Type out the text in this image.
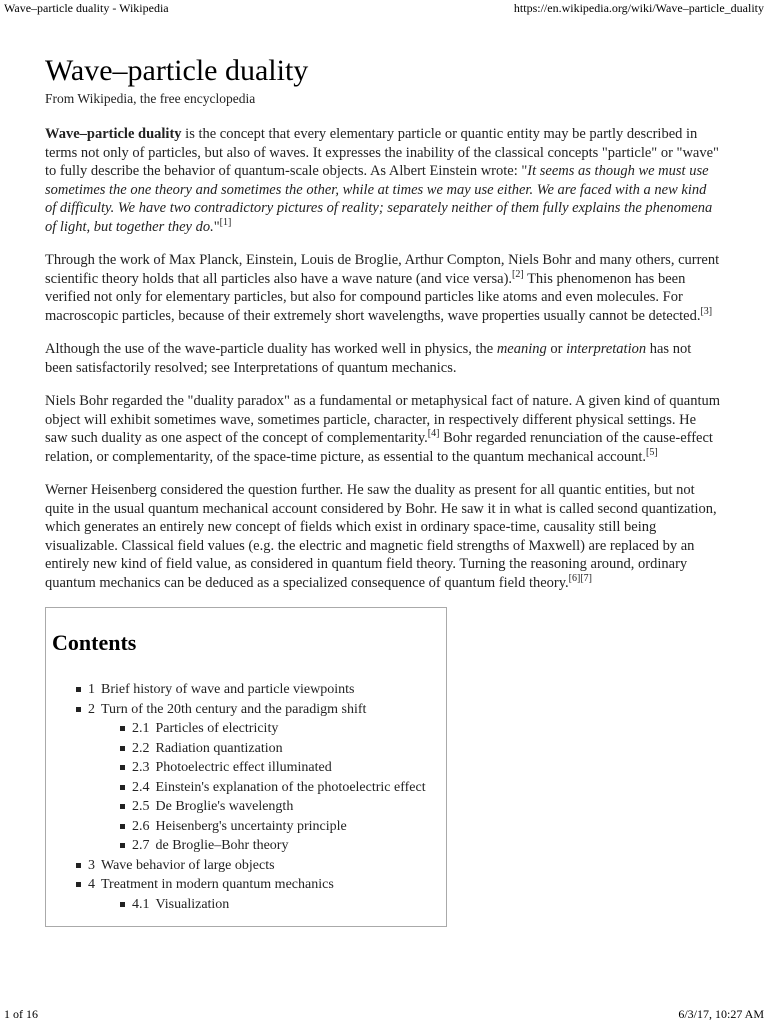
Wave–particle duality - Wikipedia	https://en.wikipedia.org/wiki/Wave–particle_duality
Wave–particle duality
From Wikipedia, the free encyclopedia

Wave–particle duality is the concept that every elementary particle or quantic entity may be partly described in terms not only of particles, but also of waves. It expresses the inability of the classical concepts "particle" or "wave" to fully describe the behavior of quantum-scale objects. As Albert Einstein wrote: "It seems as though we must use sometimes the one theory and sometimes the other, while at times we may use either. We are faced with a new kind of difficulty. We have two contradictory pictures of reality; separately neither of them fully explains the phenomena of light, but together they do."[1]

Through the work of Max Planck, Einstein, Louis de Broglie, Arthur Compton, Niels Bohr and many others, current scientific theory holds that all particles also have a wave nature (and vice versa).[2] This phenomenon has been verified not only for elementary particles, but also for compound particles like atoms and even molecules. For macroscopic particles, because of their extremely short wavelengths, wave properties usually cannot be detected.[3]

Although the use of the wave-particle duality has worked well in physics, the meaning or interpretation has not been satisfactorily resolved; see Interpretations of quantum mechanics.

Niels Bohr regarded the "duality paradox" as a fundamental or metaphysical fact of nature. A given kind of quantum object will exhibit sometimes wave, sometimes particle, character, in respectively different physical settings. He saw such duality as one aspect of the concept of complementarity.[4] Bohr regarded renunciation of the cause-effect relation, or complementarity, of the space-time picture, as essential to the quantum mechanical account.[5]

Werner Heisenberg considered the question further. He saw the duality as present for all quantic entities, but not quite in the usual quantum mechanical account considered by Bohr. He saw it in what is called second quantization, which generates an entirely new concept of fields which exist in ordinary space-time, causality still being visualizable. Classical field values (e.g. the electric and magnetic field strengths of Maxwell) are replaced by an entirely new kind of field value, as considered in quantum field theory. Turning the reasoning around, ordinary quantum mechanics can be deduced as a specialized consequence of quantum field theory.[6][7]

Contents
1 Brief history of wave and particle viewpoints
2 Turn of the 20th century and the paradigm shift
2.1 Particles of electricity
2.2 Radiation quantization
2.3 Photoelectric effect illuminated
2.4 Einstein's explanation of the photoelectric effect
2.5 De Broglie's wavelength
2.6 Heisenberg's uncertainty principle
2.7 de Broglie–Bohr theory
3 Wave behavior of large objects
4 Treatment in modern quantum mechanics
4.1 Visualization
1 of 16	6/3/17, 10:27 AM
